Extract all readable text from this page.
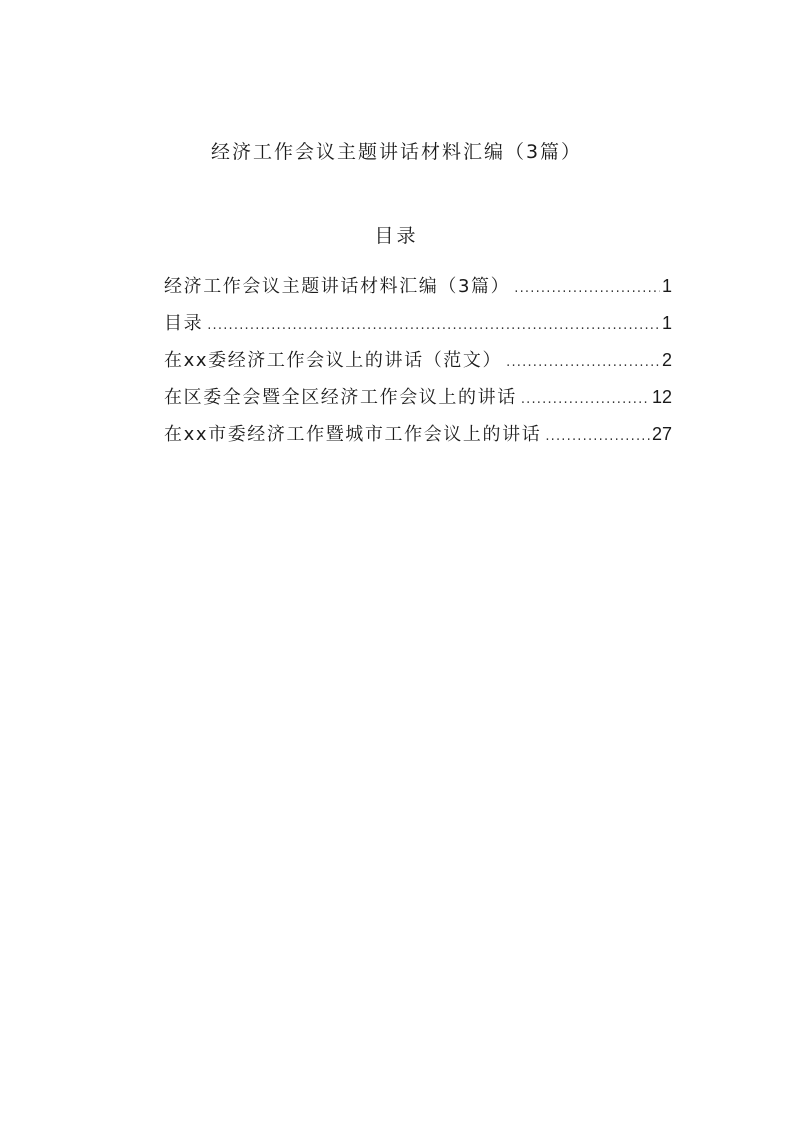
经济工作会议主题讲话材料汇编（3篇）
目录
经济工作会议主题讲话材料汇编（3篇） .....	1
目录 .....	1
在xx委经济工作会议上的讲话（范文） .....	2
在区委全会暨全区经济工作会议上的讲话 .....	12
在xx市委经济工作暨城市工作会议上的讲话 .....	27
